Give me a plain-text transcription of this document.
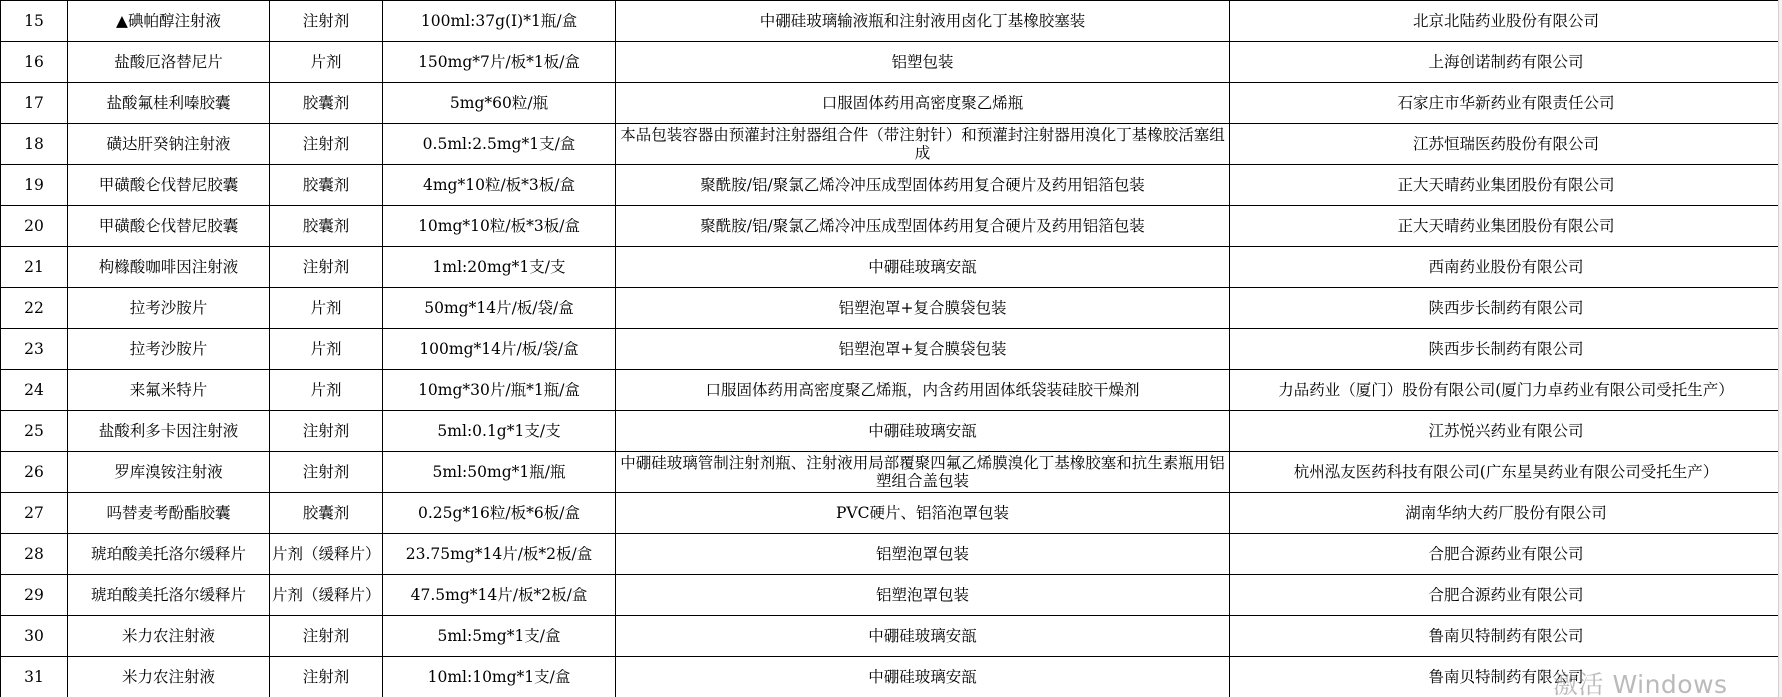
15	▲碘帕醇注射液	注射剂	100ml:37g(I)*1瓶/盒	中硼硅玻璃输液瓶和注射液用卤化丁基橡胶塞装	北京北陆药业股份有限公司
16	盐酸厄洛替尼片	片剂	150mg*7片/板*1板/盒	铝塑包装	上海创诺制药有限公司
17	盐酸氟桂利嗪胶囊	胶囊剂	5mg*60粒/瓶	口服固体药用高密度聚乙烯瓶	石家庄市华新药业有限责任公司
18	磺达肝癸钠注射液	注射剂	0.5ml:2.5mg*1支/盒	本品包装容器由预灌封注射器组合件（带注射针）和预灌封注射器用溴化丁基橡胶活塞组成	江苏恒瑞医药股份有限公司
19	甲磺酸仑伐替尼胶囊	胶囊剂	4mg*10粒/板*3板/盒	聚酰胺/铝/聚氯乙烯冷冲压成型固体药用复合硬片及药用铝箔包装	正大天晴药业集团股份有限公司
20	甲磺酸仑伐替尼胶囊	胶囊剂	10mg*10粒/板*3板/盒	聚酰胺/铝/聚氯乙烯冷冲压成型固体药用复合硬片及药用铝箔包装	正大天晴药业集团股份有限公司
21	枸橼酸咖啡因注射液	注射剂	1ml:20mg*1支/支	中硼硅玻璃安瓿	西南药业股份有限公司
22	拉考沙胺片	片剂	50mg*14片/板/袋/盒	铝塑泡罩+复合膜袋包装	陕西步长制药有限公司
23	拉考沙胺片	片剂	100mg*14片/板/袋/盒	铝塑泡罩+复合膜袋包装	陕西步长制药有限公司
24	来氟米特片	片剂	10mg*30片/瓶*1瓶/盒	口服固体药用高密度聚乙烯瓶，内含药用固体纸袋装硅胶干燥剂	力品药业（厦门）股份有限公司(厦门力卓药业有限公司受托生产）
25	盐酸利多卡因注射液	注射剂	5ml:0.1g*1支/支	中硼硅玻璃安瓿	江苏悦兴药业有限公司
26	罗库溴铵注射液	注射剂	5ml:50mg*1瓶/瓶	中硼硅玻璃管制注射剂瓶、注射液用局部覆聚四氟乙烯膜溴化丁基橡胶塞和抗生素瓶用铝塑组合盖包装	杭州泓友医药科技有限公司(广东星昊药业有限公司受托生产）
27	吗替麦考酚酯胶囊	胶囊剂	0.25g*16粒/板*6板/盒	PVC硬片、铝箔泡罩包装	湖南华纳大药厂股份有限公司
28	琥珀酸美托洛尔缓释片	片剂（缓释片）	23.75mg*14片/板*2板/盒	铝塑泡罩包装	合肥合源药业有限公司
29	琥珀酸美托洛尔缓释片	片剂（缓释片）	47.5mg*14片/板*2板/盒	铝塑泡罩包装	合肥合源药业有限公司
30	米力农注射液	注射剂	5ml:5mg*1支/盒	中硼硅玻璃安瓿	鲁南贝特制药有限公司
31	米力农注射液	注射剂	10ml:10mg*1支/盒	中硼硅玻璃安瓿	鲁南贝特制药有限公司
激活 Windows
